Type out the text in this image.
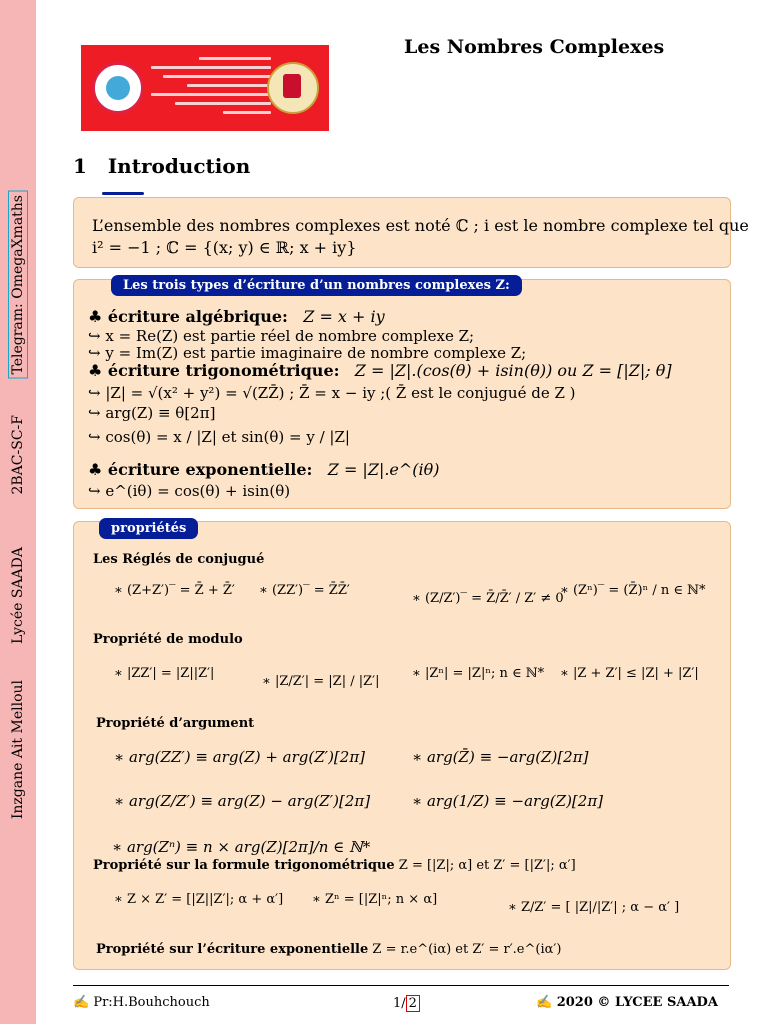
Telegram: OmegaXmaths
2BAC-SC-F
Lycée SAADA
Inzgane Ait Melloul
Les Nombres Complexes
1 Introduction
L’ensemble des nombres complexes est noté ℂ ; i est le nombre complexe tel que
i² = −1 ; ℂ = {(x; y) ∈ ℝ; x + iy}
Les trois types d’écriture d’un nombres complexes Z:
♣ écriture algébrique: Z = x + iy
↪ x = Re(Z) est partie réel de nombre complexe Z;
↪ y = Im(Z) est partie imaginaire de nombre complexe Z;
♣ écriture trigonométrique: Z = |Z|.(cos(θ) + isin(θ)) ou Z = [|Z|; θ]
↪ |Z| = √(x² + y²) = √(ZZ̄) ; Z̄ = x − iy ;( Z̄ est le conjugué de Z )
↪ arg(Z) ≡ θ[2π]
↪ cos(θ) = x / |Z| et sin(θ) = y / |Z|
♣ écriture exponentielle: Z = |Z|.e^(iθ)
↪ e^(iθ) = cos(θ) + isin(θ)
propriétés
Les Réglés de conjugué
∗ (Z+Z′)‾ = Z̄ + Z̄′ ∗ (ZZ′)‾ = Z̄Z̄′
∗ (Z/Z′)‾ = Z̄/Z̄′ / Z′ ≠ 0
∗ (Zⁿ)‾ = (Z̄)ⁿ / n ∈ ℕ*
Propriété de modulo
∗ |ZZ′| = |Z||Z′|
∗ |Z/Z′| = |Z| / |Z′|
∗ |Zⁿ| = |Z|ⁿ; n ∈ ℕ* ∗ |Z + Z′| ≤ |Z| + |Z′|
Propriété d’argument
∗ arg(ZZ′) ≡ arg(Z) + arg(Z′)[2π]	∗ arg(Z̄) ≡ −arg(Z)[2π]
∗ arg(Z/Z′) ≡ arg(Z) − arg(Z′)[2π]	∗ arg(1/Z) ≡ −arg(Z)[2π]
∗ arg(Zⁿ) ≡ n × arg(Z)[2π]/n ∈ ℕ*
Propriété sur la formule trigonométrique Z = [|Z|; α] et Z′ = [|Z′|; α′]
∗ Z × Z′ = [|Z||Z′|; α + α′] ∗ Zⁿ = [|Z|ⁿ; n × α]
∗ Z/Z′ = [ |Z|/|Z′| ; α − α′ ]
Propriété sur l’écriture exponentielle Z = r.e^(iα) et Z′ = r′.e^(iα′)
✍ Pr:H.Bouhchouch	1/ 2	✍ 2020 © LYCEE SAADA
